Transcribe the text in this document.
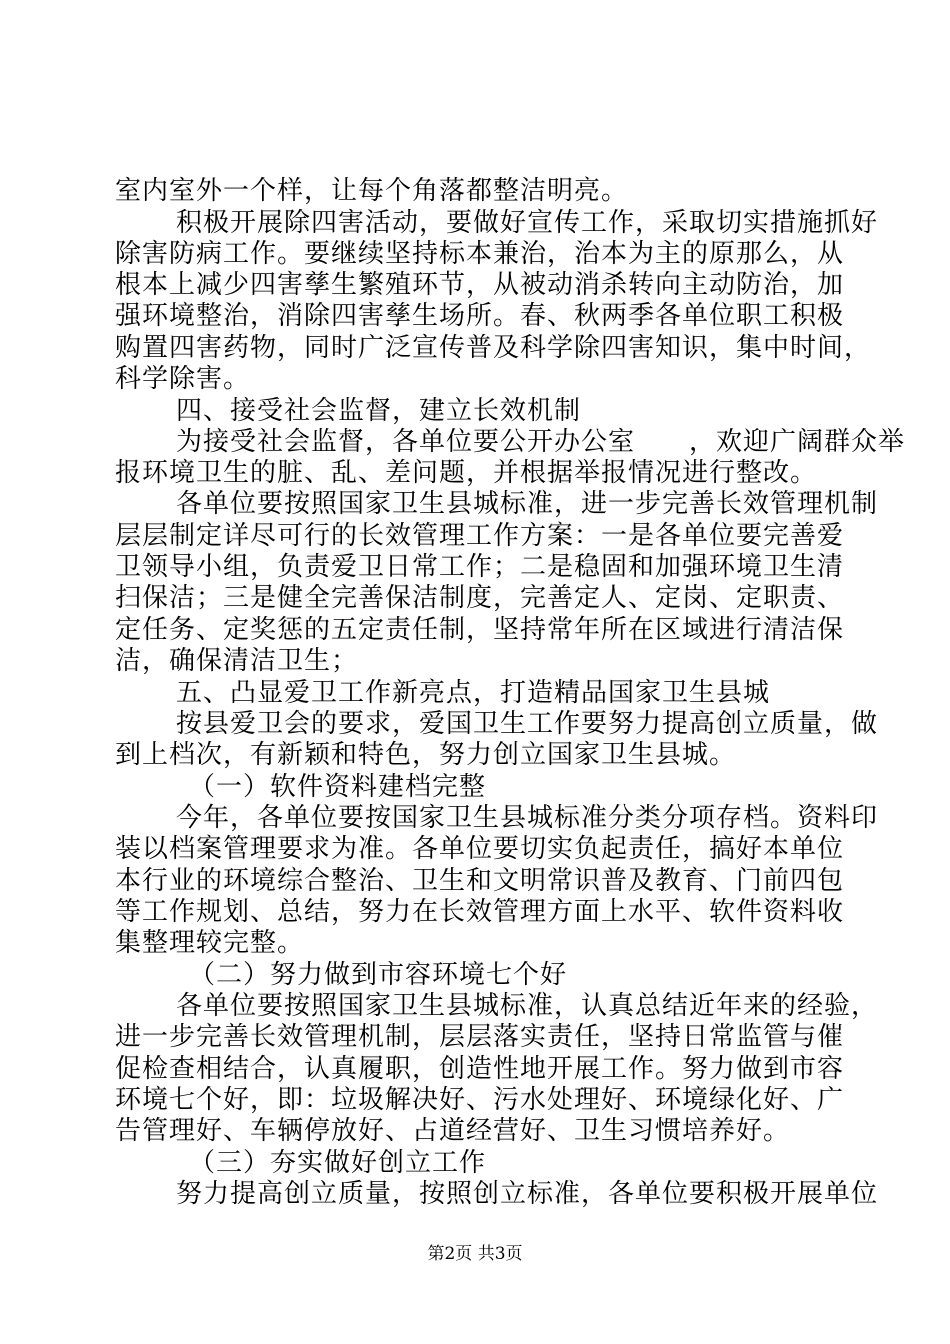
室内室外一个样，让每个角落都整洁明亮。
积极开展除四害活动，要做好宣传工作，采取切实措施抓好
除害防病工作。要继续坚持标本兼治，治本为主的原那么，从
根本上减少四害孳生繁殖环节，从被动消杀转向主动防治，加
强环境整治，消除四害孳生场所。春、秋两季各单位职工积极
购置四害药物，同时广泛宣传普及科学除四害知识，集中时间，
科学除害。
四、接受社会监督，建立长效机制
为接受社会监督，各单位要公开办公室　　，欢迎广阔群众举
报环境卫生的脏、乱、差问题，并根据举报情况进行整改。
各单位要按照国家卫生县城标准，进一步完善长效管理机制
层层制定详尽可行的长效管理工作方案：一是各单位要完善爱
卫领导小组，负责爱卫日常工作；二是稳固和加强环境卫生清
扫保洁；三是健全完善保洁制度，完善定人、定岗、定职责、
定任务、定奖惩的五定责任制，坚持常年所在区域进行清洁保
洁，确保清洁卫生；
五、凸显爱卫工作新亮点，打造精品国家卫生县城
按县爱卫会的要求，爱国卫生工作要努力提高创立质量，做
到上档次，有新颖和特色，努力创立国家卫生县城。
（一）软件资料建档完整
今年，各单位要按国家卫生县城标准分类分项存档。资料印
装以档案管理要求为准。各单位要切实负起责任，搞好本单位
本行业的环境综合整治、卫生和文明常识普及教育、门前四包
等工作规划、总结，努力在长效管理方面上水平、软件资料收
集整理较完整。
（二）努力做到市容环境七个好
各单位要按照国家卫生县城标准，认真总结近年来的经验，
进一步完善长效管理机制，层层落实责任，坚持日常监管与催
促检查相结合，认真履职，创造性地开展工作。努力做到市容
环境七个好，即：垃圾解决好、污水处理好、环境绿化好、广
告管理好、车辆停放好、占道经营好、卫生习惯培养好。
（三）夯实做好创立工作
努力提高创立质量，按照创立标准，各单位要积极开展单位
第2页 共3页
